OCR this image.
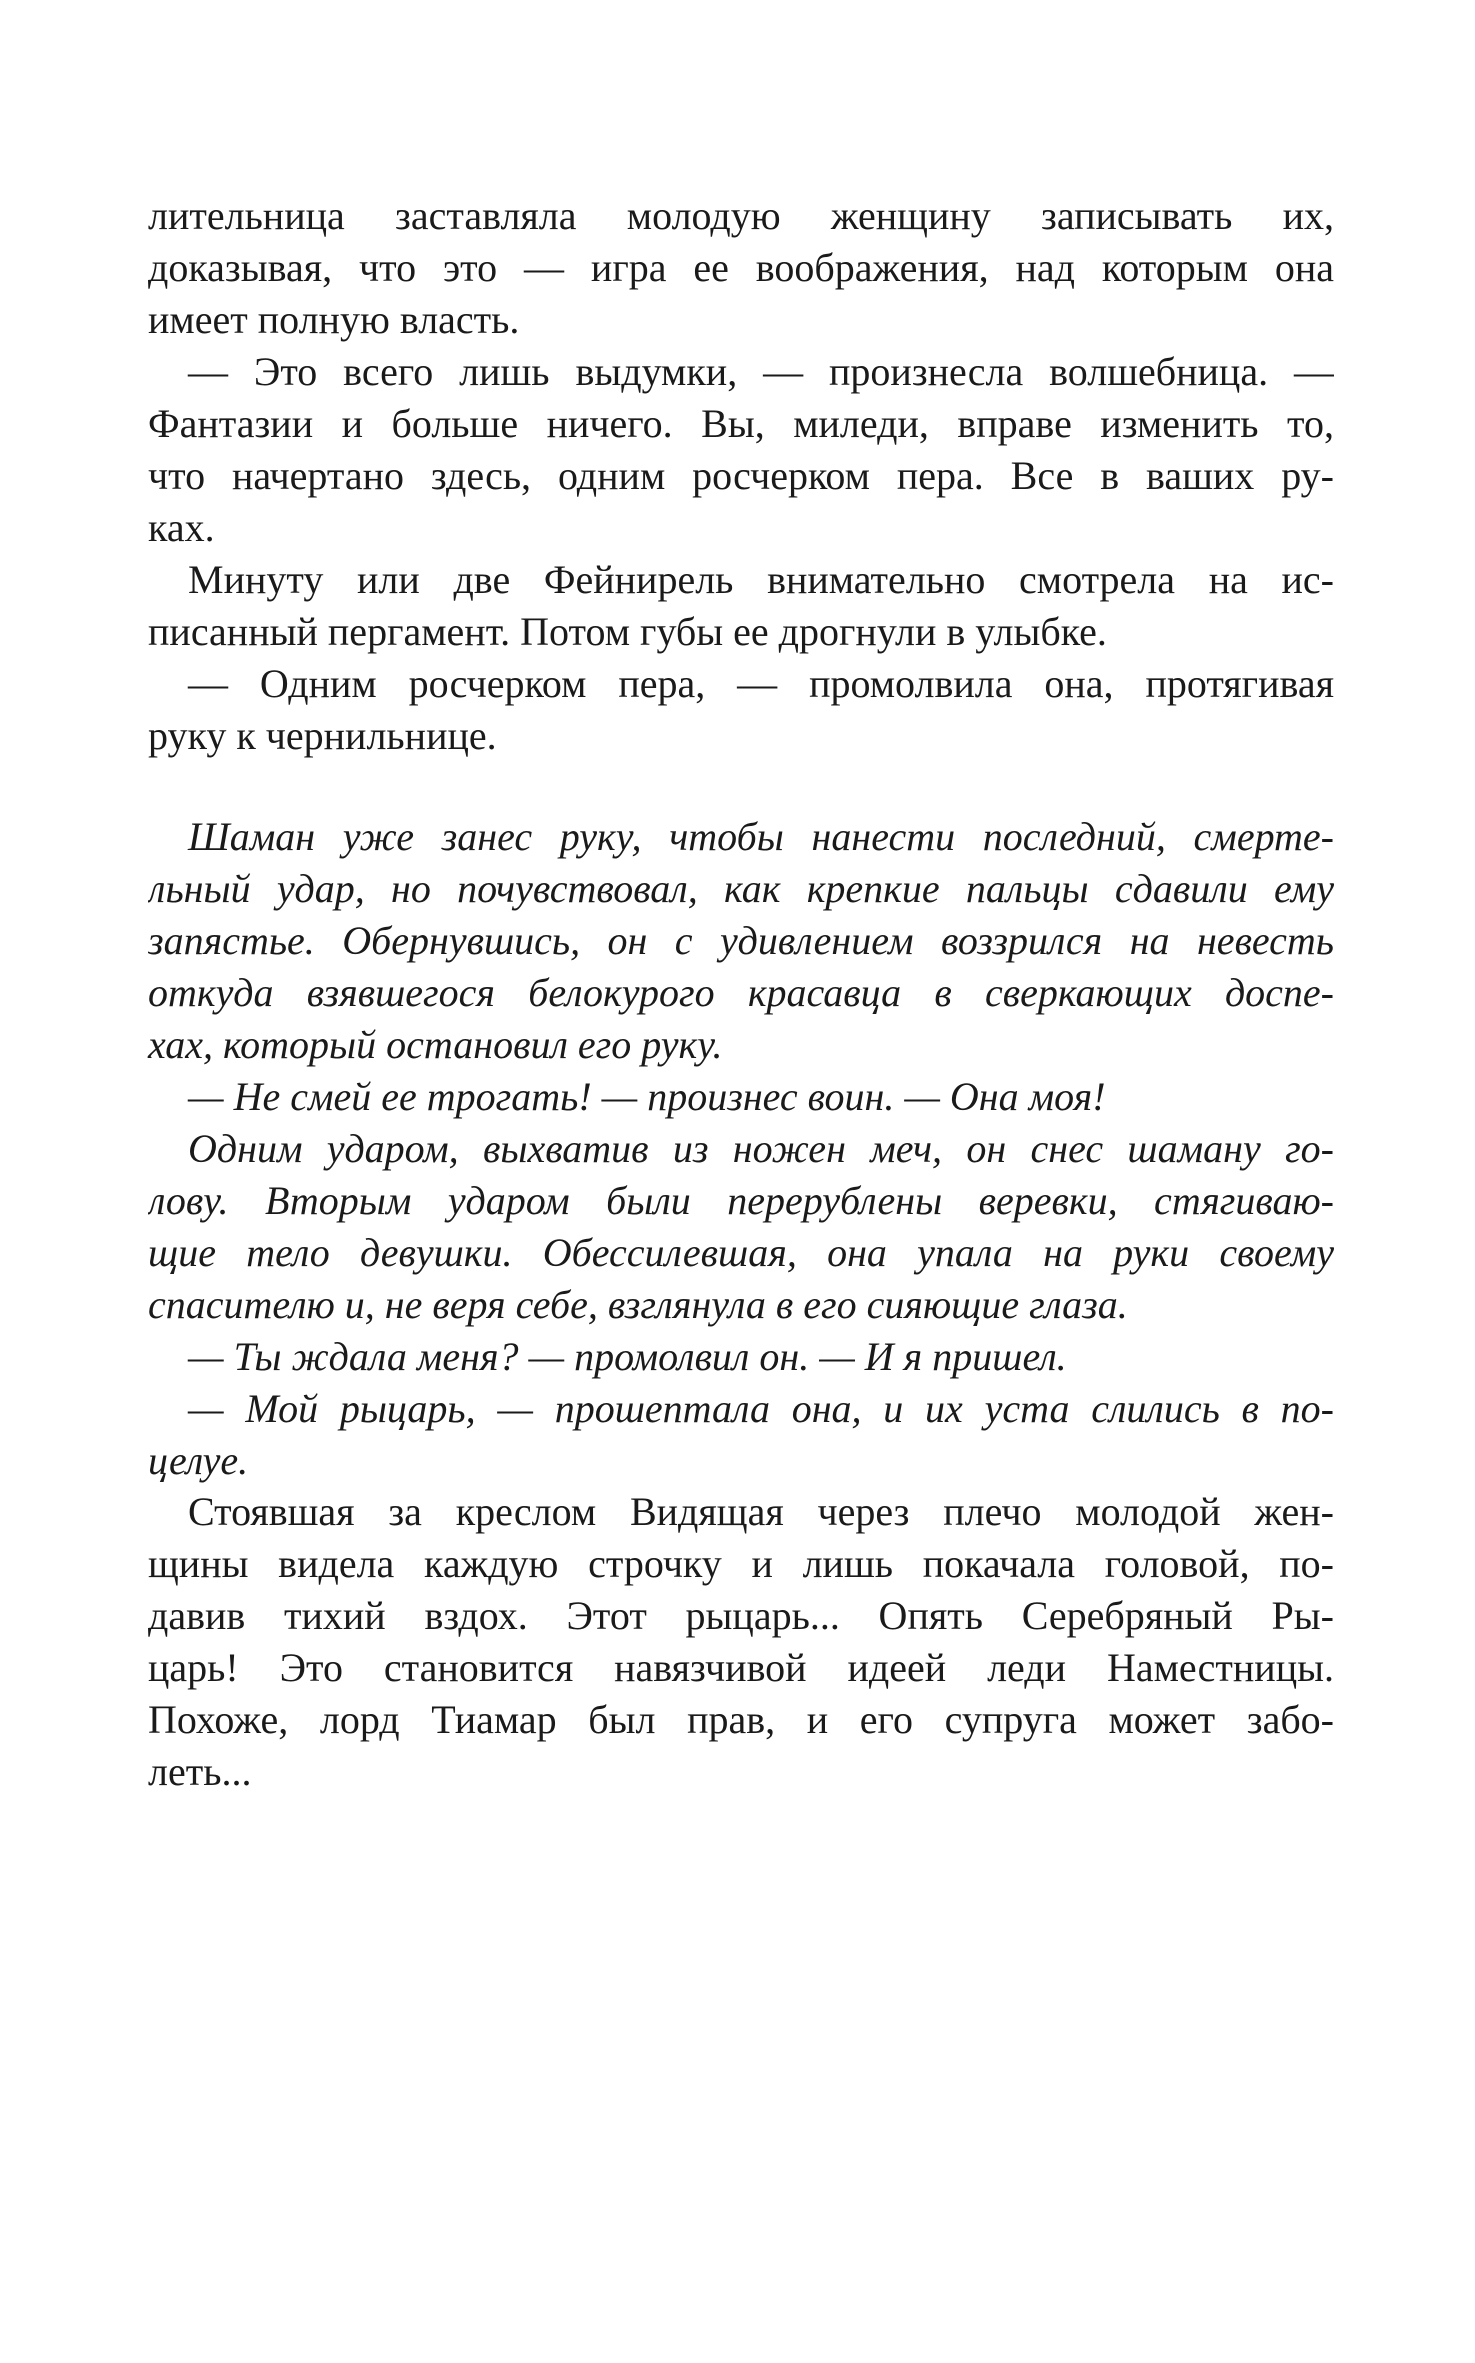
лительница заставляла молодую женщину записывать их,
доказывая, что это — игра ее воображения, над которым она
имеет полную власть.
— Это всего лишь выдумки, — произнесла волшебница. —
Фантазии и больше ничего. Вы, миледи, вправе изменить то,
что начертано здесь, одним росчерком пера. Все в ваших ру-
ках.
Минуту или две Фейнирель внимательно смотрела на ис-
писанный пергамент. Потом губы ее дрогнули в улыбке.
— Одним росчерком пера, — промолвила она, протягивая
руку к чернильнице.
Шаман уже занес руку, чтобы нанести последний, смерте-
льный удар, но почувствовал, как крепкие пальцы сдавили ему
запястье. Обернувшись, он с удивлением воззрился на невесть
откуда взявшегося белокурого красавца в сверкающих доспе-
хах, который остановил его руку.
— Не смей ее трогать! — произнес воин. — Она моя!
Одним ударом, выхватив из ножен меч, он снес шаману го-
лову. Вторым ударом были перерублены веревки, стягиваю-
щие тело девушки. Обессилевшая, она упала на руки своему
спасителю и, не веря себе, взглянула в его сияющие глаза.
— Ты ждала меня? — промолвил он. — И я пришел.
— Мой рыцарь, — прошептала она, и их уста слились в по-
целуе.
Стоявшая за креслом Видящая через плечо молодой жен-
щины видела каждую строчку и лишь покачала головой, по-
давив тихий вздох. Этот рыцарь... Опять Серебряный Ры-
царь! Это становится навязчивой идеей леди Наместницы.
Похоже, лорд Тиамар был прав, и его супруга может забо-
леть...
